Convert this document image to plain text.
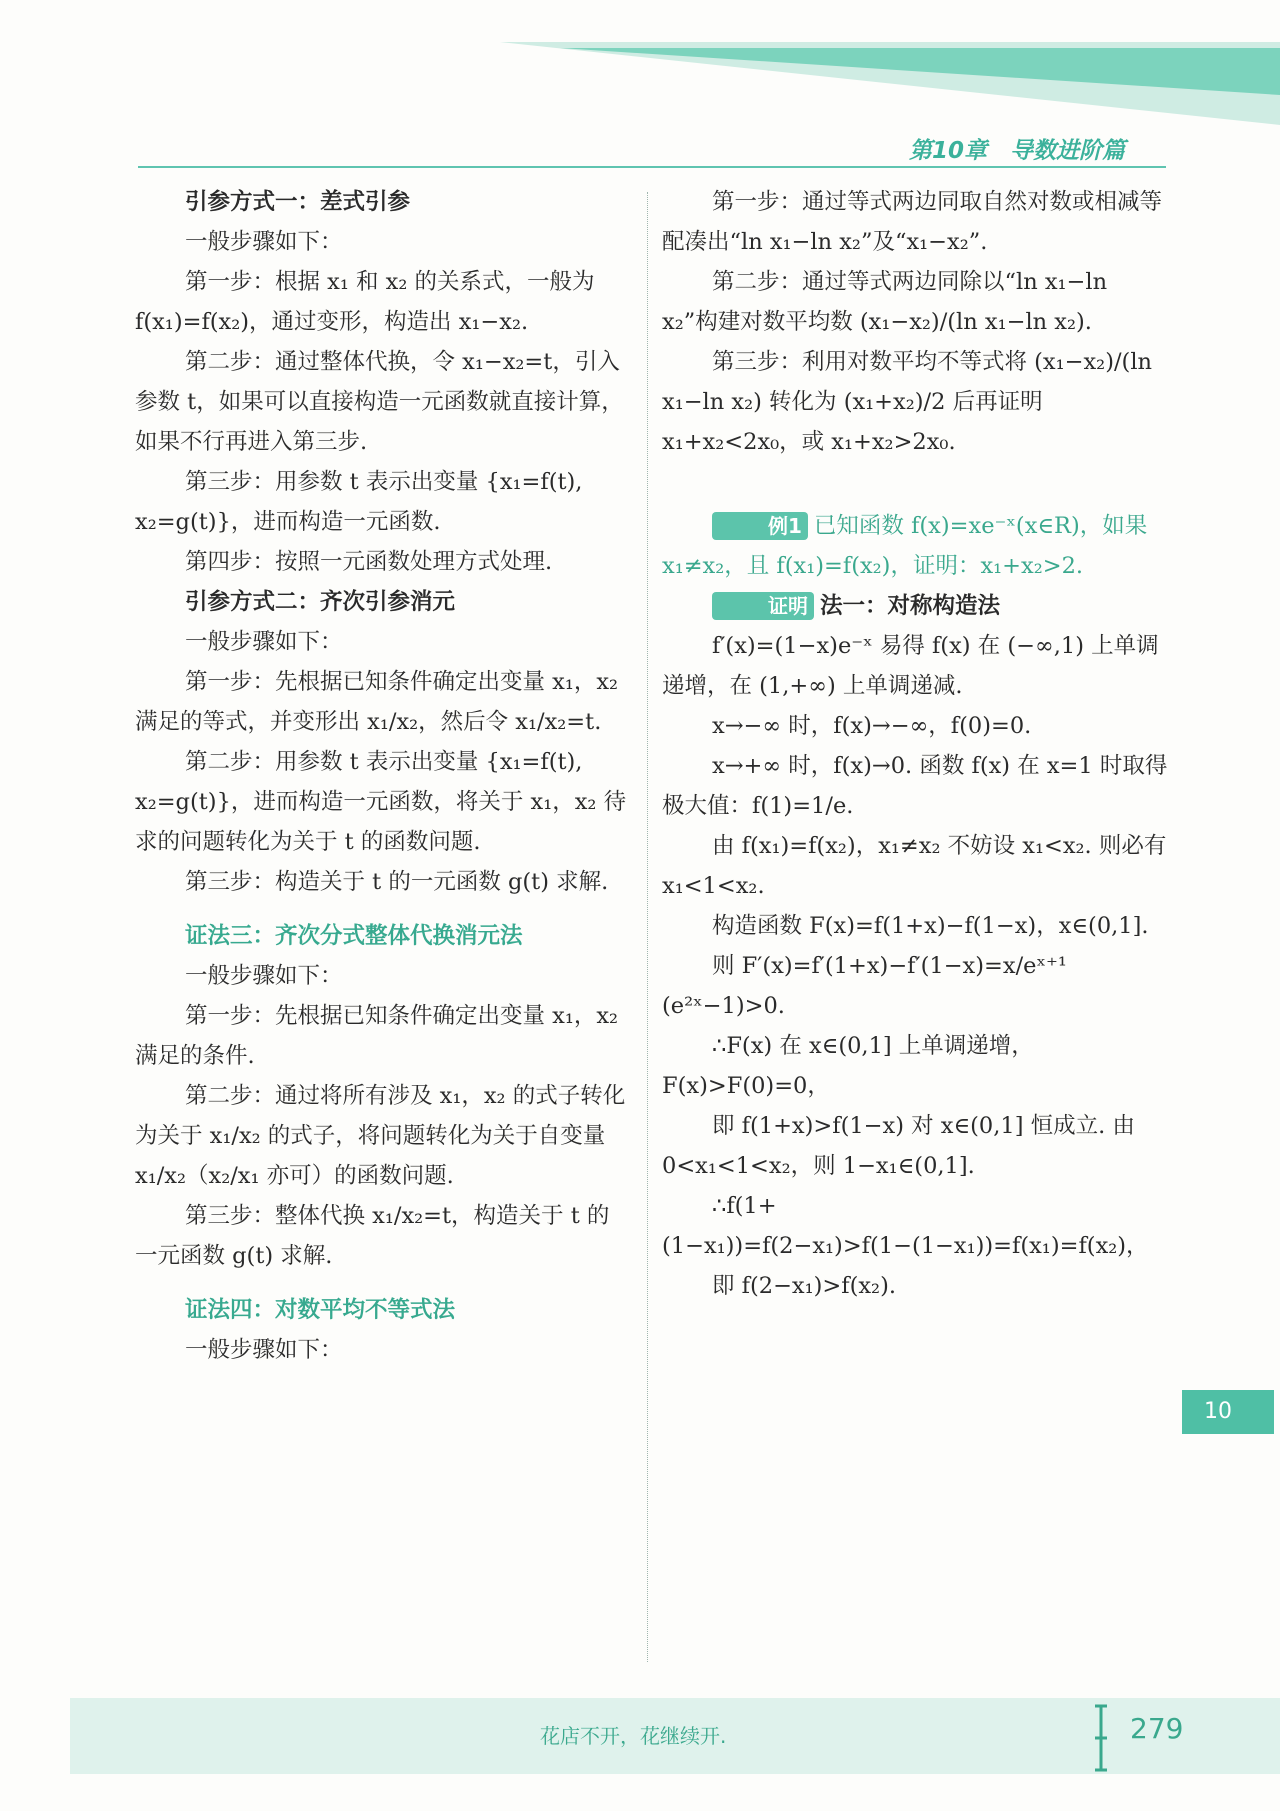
第10章　导数进阶篇

引参方式一：差式引参

一般步骤如下：

第一步：根据 x₁ 和 x₂ 的关系式，一般为 f(x₁)=f(x₂)，通过变形，构造出 x₁−x₂.

第二步：通过整体代换，令 x₁−x₂=t，引入参数 t，如果可以直接构造一元函数就直接计算，如果不行再进入第三步.

第三步：用参数 t 表示出变量 {x₁=f(t), x₂=g(t)}，进而构造一元函数.

第四步：按照一元函数处理方式处理.

引参方式二：齐次引参消元

一般步骤如下：

第一步：先根据已知条件确定出变量 x₁，x₂ 满足的等式，并变形出 x₁/x₂，然后令 x₁/x₂=t.

第二步：用参数 t 表示出变量 {x₁=f(t), x₂=g(t)}，进而构造一元函数，将关于 x₁，x₂ 待求的问题转化为关于 t 的函数问题.

第三步：构造关于 t 的一元函数 g(t) 求解.

证法三：齐次分式整体代换消元法

一般步骤如下：

第一步：先根据已知条件确定出变量 x₁，x₂ 满足的条件.

第二步：通过将所有涉及 x₁，x₂ 的式子转化为关于 x₁/x₂ 的式子，将问题转化为关于自变量 x₁/x₂（x₂/x₁ 亦可）的函数问题.

第三步：整体代换 x₁/x₂=t，构造关于 t 的一元函数 g(t) 求解.

证法四：对数平均不等式法

一般步骤如下：

第一步：通过等式两边同取自然对数或相减等配凑出“ln x₁−ln x₂”及“x₁−x₂”.

第二步：通过等式两边同除以“ln x₁−ln x₂”构建对数平均数 (x₁−x₂)/(ln x₁−ln x₂).

第三步：利用对数平均不等式将 (x₁−x₂)/(ln x₁−ln x₂) 转化为 (x₁+x₂)/2 后再证明 x₁+x₂<2x₀，或 x₁+x₂>2x₀.

例1 已知函数 f(x)=xe⁻ˣ(x∈R)，如果 x₁≠x₂，且 f(x₁)=f(x₂)，证明：x₁+x₂>2.

证明 法一：对称构造法

f′(x)=(1−x)e⁻ˣ 易得 f(x) 在 (−∞,1) 上单调递增，在 (1,+∞) 上单调递减.

x→−∞ 时，f(x)→−∞，f(0)=0.

x→+∞ 时，f(x)→0. 函数 f(x) 在 x=1 时取得极大值：f(1)=1/e.

由 f(x₁)=f(x₂)，x₁≠x₂ 不妨设 x₁<x₂. 则必有 x₁<1<x₂.

构造函数 F(x)=f(1+x)−f(1−x)，x∈(0,1].

则 F′(x)=f′(1+x)−f′(1−x)=x/eˣ⁺¹ (e²ˣ−1)>0.

∴F(x) 在 x∈(0,1] 上单调递增，F(x)>F(0)=0，

即 f(1+x)>f(1−x) 对 x∈(0,1] 恒成立. 由 0<x₁<1<x₂，则 1−x₁∈(0,1].

∴f(1+(1−x₁))=f(2−x₁)>f(1−(1−x₁))=f(x₁)=f(x₂)，

即 f(2−x₁)>f(x₂).

10
花店不开，花继续开.	279
